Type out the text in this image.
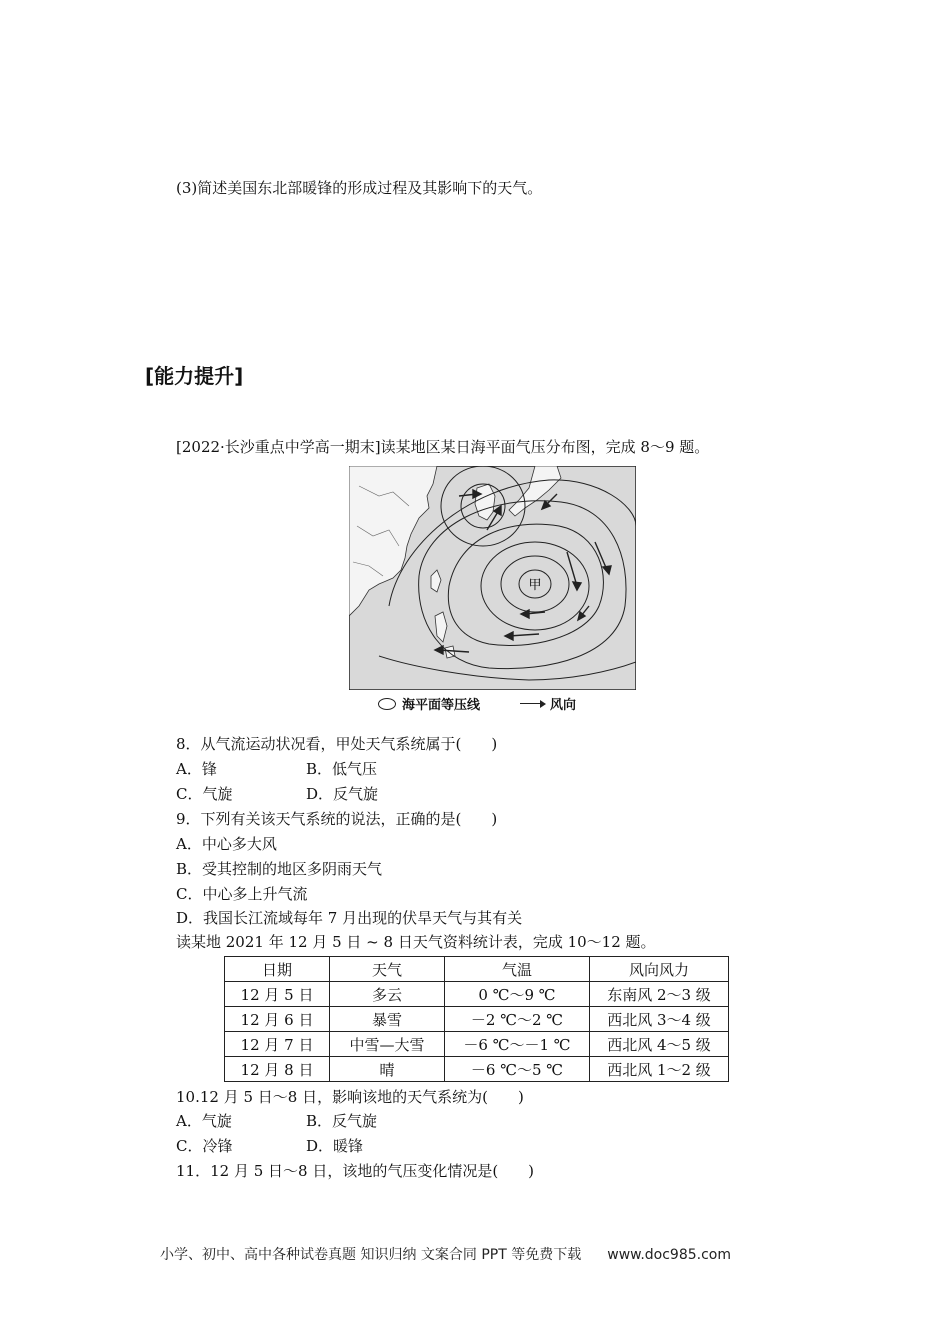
(3)简述美国东北部暖锋的形成过程及其影响下的天气。
[能力提升]
[2022·长沙重点中学高一期末]读某地区某日海平面气压分布图，完成 8～9 题。
甲
海平面等压线	风向
8．从气流运动状况看，甲处天气系统属于(　　)
A．锋	B．低气压
C．气旋	D．反气旋
9．下列有关该天气系统的说法，正确的是(　　)
A．中心多大风
B．受其控制的地区多阴雨天气
C．中心多上升气流
D．我国长江流域每年 7 月出现的伏旱天气与其有关
读某地 2021 年 12 月 5 日 ~ 8 日天气资料统计表，完成 10～12 题。
日期	天气	气温	风向风力
12 月 5 日	多云	0 ℃～9 ℃	东南风 2～3 级
12 月 6 日	暴雪	－2 ℃～2 ℃	西北风 3～4 级
12 月 7 日	中雪—大雪	－6 ℃～－1 ℃	西北风 4～5 级
12 月 8 日	晴	－6 ℃～5 ℃	西北风 1～2 级
10.12 月 5 日～8 日，影响该地的天气系统为(　　)
A．气旋	B．反气旋
C．冷锋	D．暖锋
11．12 月 5 日～8 日，该地的气压变化情况是(　　)
小学、初中、高中各种试卷真题 知识归纳 文案合同 PPT 等免费下载 www.doc985.com
